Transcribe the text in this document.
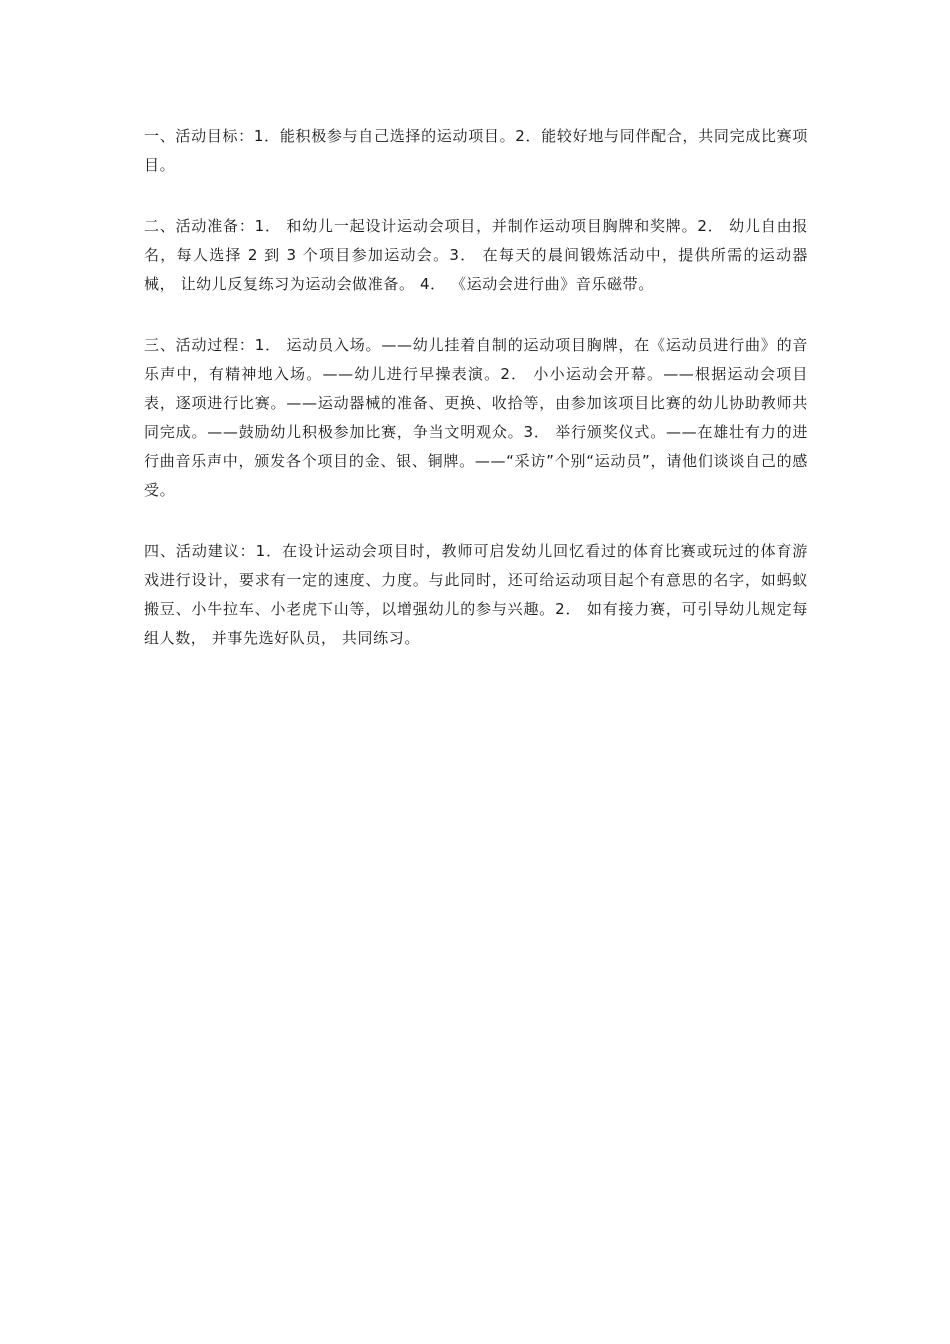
一、活动目标：1．能积极参与自己选择的运动项目。2．能较好地与同伴配合，共同完成比赛项目。

二、活动准备：1． 和幼儿一起设计运动会项目，并制作运动项目胸牌和奖牌。2． 幼儿自由报名，每人选择 2 到 3 个项目参加运动会。3． 在每天的晨间锻炼活动中，提供所需的运动器械， 让幼儿反复练习为运动会做准备。 4． 《运动会进行曲》音乐磁带。

三、活动过程：1． 运动员入场。——幼儿挂着自制的运动项目胸牌，在《运动员进行曲》的音乐声中，有精神地入场。——幼儿进行早操表演。2． 小小运动会开幕。——根据运动会项目表，逐项进行比赛。——运动器械的准备、更换、收拾等，由参加该项目比赛的幼儿协助教师共同完成。——鼓励幼儿积极参加比赛，争当文明观众。3． 举行颁奖仪式。——在雄壮有力的进行曲音乐声中，颁发各个项目的金、银、铜牌。——“采访”个别“运动员”，请他们谈谈自己的感受。

四、活动建议：1．在设计运动会项目时，教师可启发幼儿回忆看过的体育比赛或玩过的体育游戏进行设计，要求有一定的速度、力度。与此同时，还可给运动项目起个有意思的名字，如蚂蚁搬豆、小牛拉车、小老虎下山等，以增强幼儿的参与兴趣。2． 如有接力赛，可引导幼儿规定每组人数， 并事先选好队员， 共同练习。
